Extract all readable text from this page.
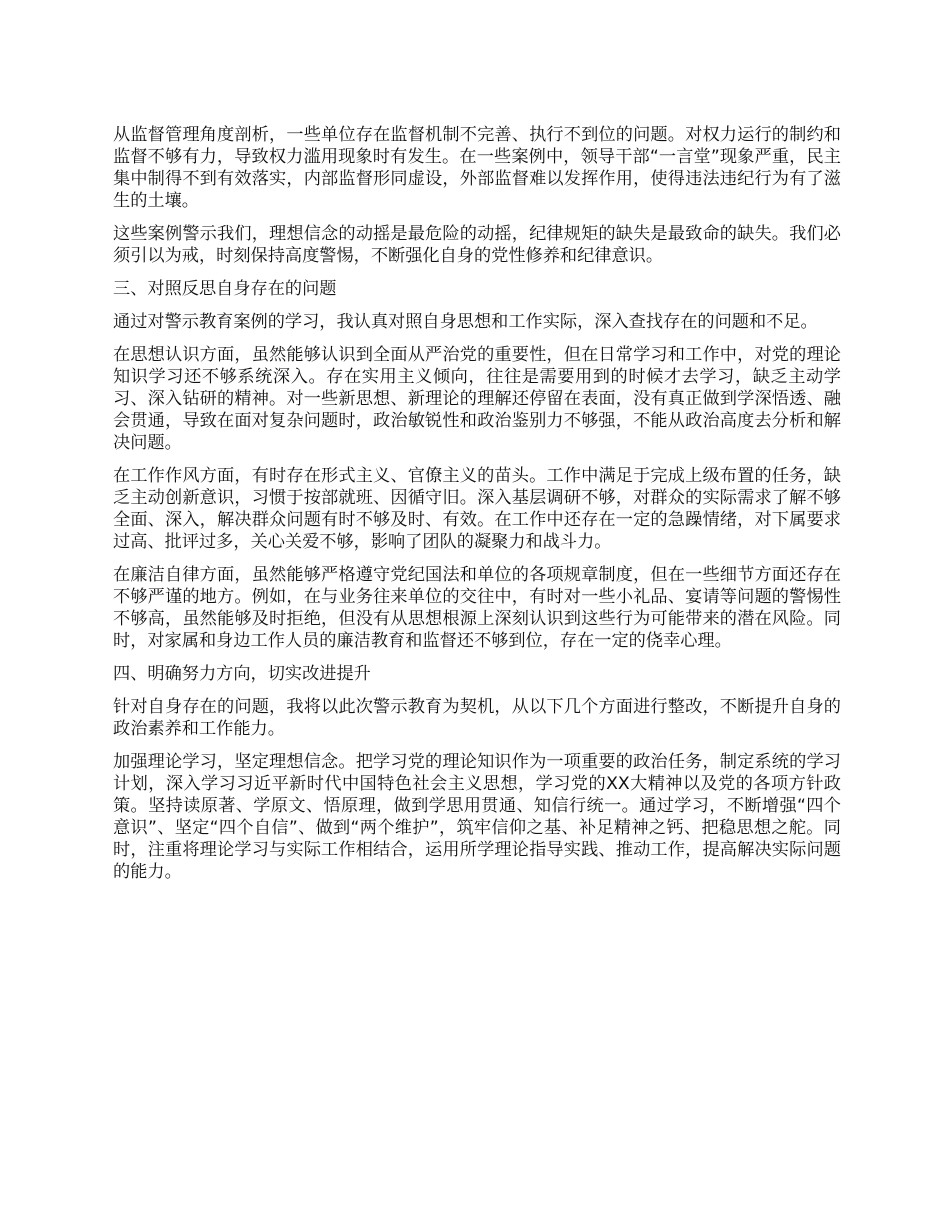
从监督管理角度剖析，一些单位存在监督机制不完善、执行不到位的问题。对权力运行的制约和监督不够有力，导致权力滥用现象时有发生。在一些案例中，领导干部“一言堂”现象严重，民主集中制得不到有效落实，内部监督形同虚设，外部监督难以发挥作用，使得违法违纪行为有了滋生的土壤。

这些案例警示我们，理想信念的动摇是最危险的动摇，纪律规矩的缺失是最致命的缺失。我们必须引以为戒，时刻保持高度警惕，不断强化自身的党性修养和纪律意识。

三、对照反思自身存在的问题

通过对警示教育案例的学习，我认真对照自身思想和工作实际，深入查找存在的问题和不足。

在思想认识方面，虽然能够认识到全面从严治党的重要性，但在日常学习和工作中，对党的理论知识学习还不够系统深入。存在实用主义倾向，往往是需要用到的时候才去学习，缺乏主动学习、深入钻研的精神。对一些新思想、新理论的理解还停留在表面，没有真正做到学深悟透、融会贯通，导致在面对复杂问题时，政治敏锐性和政治鉴别力不够强，不能从政治高度去分析和解决问题。

在工作作风方面，有时存在形式主义、官僚主义的苗头。工作中满足于完成上级布置的任务，缺乏主动创新意识，习惯于按部就班、因循守旧。深入基层调研不够，对群众的实际需求了解不够全面、深入，解决群众问题有时不够及时、有效。在工作中还存在一定的急躁情绪，对下属要求过高、批评过多，关心关爱不够，影响了团队的凝聚力和战斗力。

在廉洁自律方面，虽然能够严格遵守党纪国法和单位的各项规章制度，但在一些细节方面还存在不够严谨的地方。例如，在与业务往来单位的交往中，有时对一些小礼品、宴请等问题的警惕性不够高，虽然能够及时拒绝，但没有从思想根源上深刻认识到这些行为可能带来的潜在风险。同时，对家属和身边工作人员的廉洁教育和监督还不够到位，存在一定的侥幸心理。

四、明确努力方向，切实改进提升

针对自身存在的问题，我将以此次警示教育为契机，从以下几个方面进行整改，不断提升自身的政治素养和工作能力。

加强理论学习，坚定理想信念。把学习党的理论知识作为一项重要的政治任务，制定系统的学习计划，深入学习习近平新时代中国特色社会主义思想，学习党的XX大精神以及党的各项方针政策。坚持读原著、学原文、悟原理，做到学思用贯通、知信行统一。通过学习，不断增强“四个意识”、坚定“四个自信”、做到“两个维护”，筑牢信仰之基、补足精神之钙、把稳思想之舵。同时，注重将理论学习与实际工作相结合，运用所学理论指导实践、推动工作，提高解决实际问题的能力。
